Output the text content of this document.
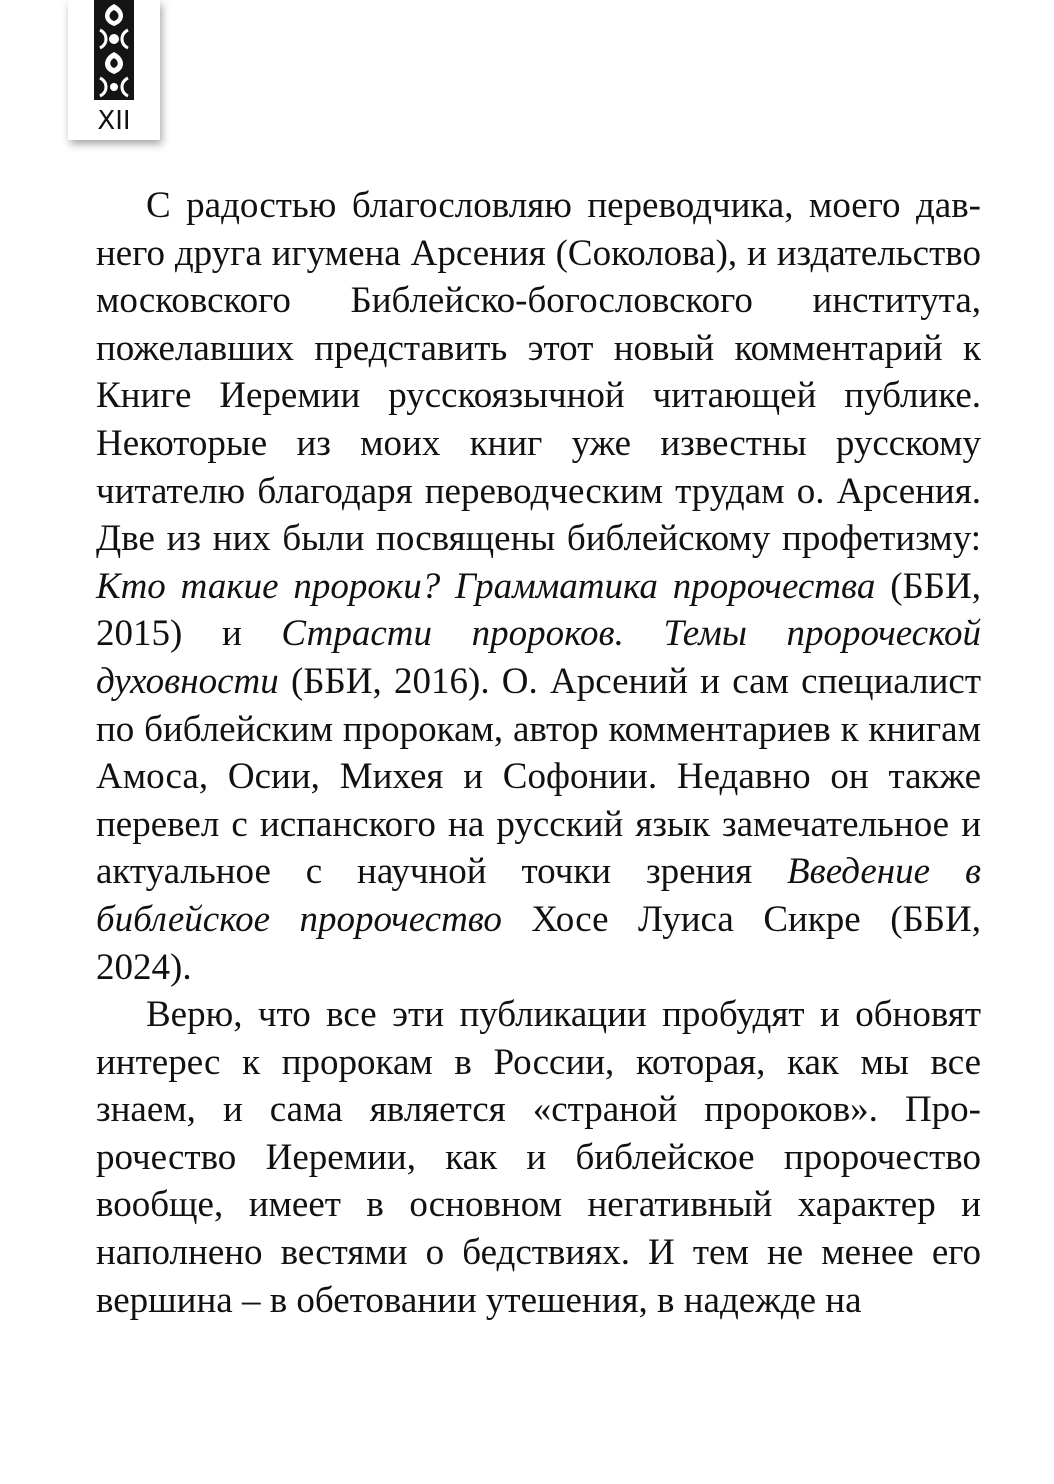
XII

С радостью благословляю переводчика, моего давнего друга игумена Арсения (Соколова), и издательство московского Библейско-богословского института, пожелавших представить этот новый комментарий к Книге Иеремии русскоязычной читающей публике. Некоторые из моих книг уже известны русскому читателю благодаря переводческим трудам о. Арсения. Две из них были посвящены библейскому профетизму: Кто такие пророки? Грамматика пророчества (ББИ, 2015) и Страсти пророков. Темы пророческой духовности (ББИ, 2016). О. Арсений и сам специалист по библейским пророкам, автор комментариев к книгам Амоса, Осии, Михея и Софонии. Недавно он также перевел с испанского на русский язык замечательное и актуальное с научной точки зрения Введение в библейское пророчество Хосе Луиса Сикре (ББИ, 2024).

Верю, что все эти публикации пробудят и обновят интерес к пророкам в России, которая, как мы все знаем, и сама является «страной пророков». Пророчество Иеремии, как и библейское пророчество вообще, имеет в основном негативный характер и наполнено вестями о бедствиях. И тем не менее его вершина – в обетовании утешения, в надежде на
